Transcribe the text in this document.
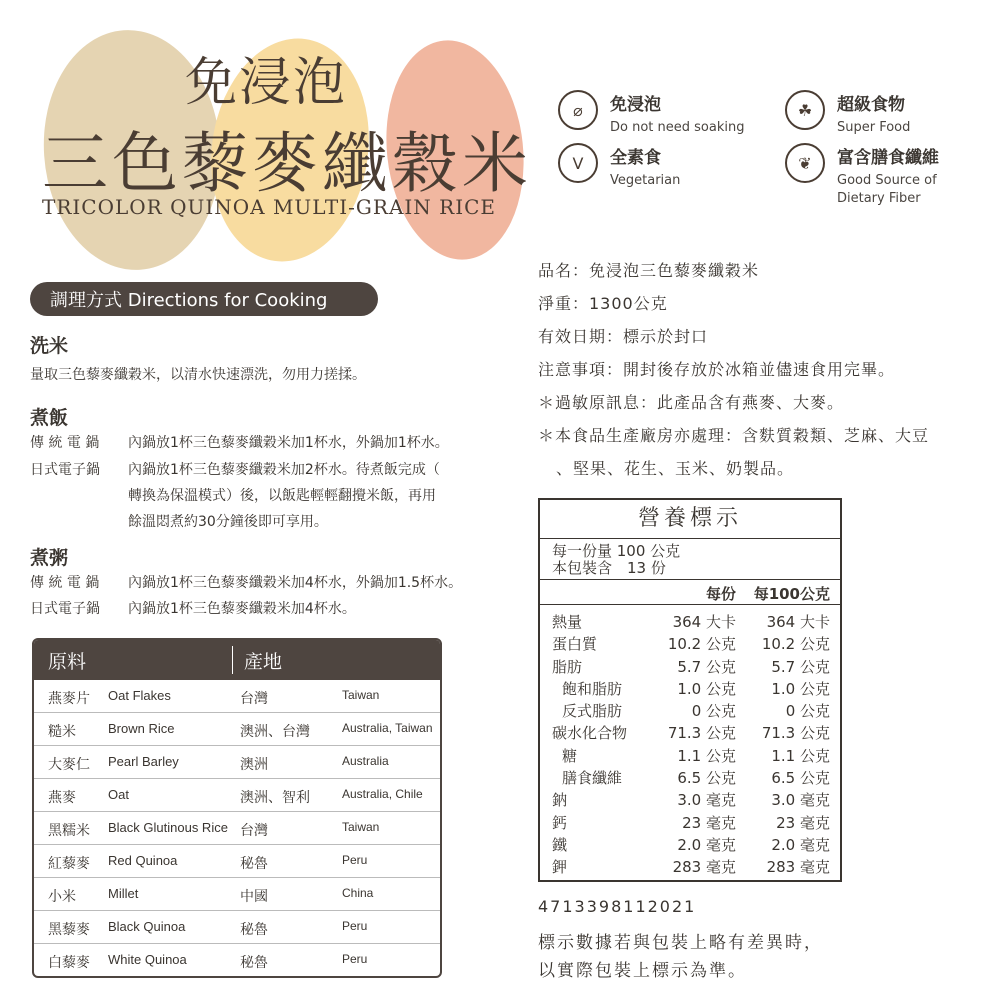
免浸泡
三色藜麥纖穀米
TRICOLOR QUINOA MULTI-GRAIN RICE
⌀	免浸泡
Do not need soaking
☘	超級食物
Super Food
V	全素食
Vegetarian
❦	富含膳食纖維
Good Source of Dietary Fiber
調理方式 Directions for Cooking
洗米
量取三色藜麥纖穀米，以清水快速漂洗，勿用力搓揉。
煮飯
傳 統 電 鍋 內鍋放1杯三色藜麥纖穀米加1杯水，外鍋加1杯水。
日式電子鍋 內鍋放1杯三色藜麥纖穀米加2杯水。待煮飯完成（
轉換為保溫模式）後，以飯匙輕輕翻攪米飯，再用
餘溫悶煮約30分鐘後即可享用。
煮粥
傳 統 電 鍋 內鍋放1杯三色藜麥纖穀米加4杯水，外鍋加1.5杯水。
日式電子鍋 內鍋放1杯三色藜麥纖穀米加4杯水。
原料	產地
燕麥片 Oat Flakes	台灣	Taiwan
糙米 Brown Rice	澳洲、台灣	Australia, Taiwan
大麥仁 Pearl Barley	澳洲	Australia
燕麥 Oat	澳洲、智利	Australia, Chile
黑糯米 Black Glutinous Rice 台灣	Taiwan
紅藜麥 Red Quinoa	秘魯	Peru
小米 Millet	中國	China
黑藜麥 Black Quinoa	秘魯	Peru
白藜麥 White Quinoa	秘魯	Peru
品名：免浸泡三色藜麥纖穀米
淨重：1300公克
有效日期：標示於封口
注意事項：開封後存放於冰箱並儘速食用完畢。
＊過敏原訊息：此產品含有燕麥、大麥。
＊本食品生產廠房亦處理：含麩質穀類、芝麻、大豆
、堅果、花生、玉米、奶製品。
營養標示
每一份量 100 公克
本包裝含　13 份
每份 每100公克
熱量	364 大卡 364 大卡
蛋白質	10.2 公克 10.2 公克
脂肪	5.7 公克 5.7 公克
飽和脂肪	1.0 公克 1.0 公克
反式脂肪	0 公克	0 公克
碳水化合物	71.3 公克 71.3 公克
糖	1.1 公克 1.1 公克
膳食纖維	6.5 公克 6.5 公克
鈉	3.0 毫克 3.0 毫克
鈣	23 毫克	23 毫克
鐵	2.0 毫克 2.0 毫克
鉀	283 毫克 283 毫克
4713398112021
標示數據若與包裝上略有差異時，
以實際包裝上標示為準。
